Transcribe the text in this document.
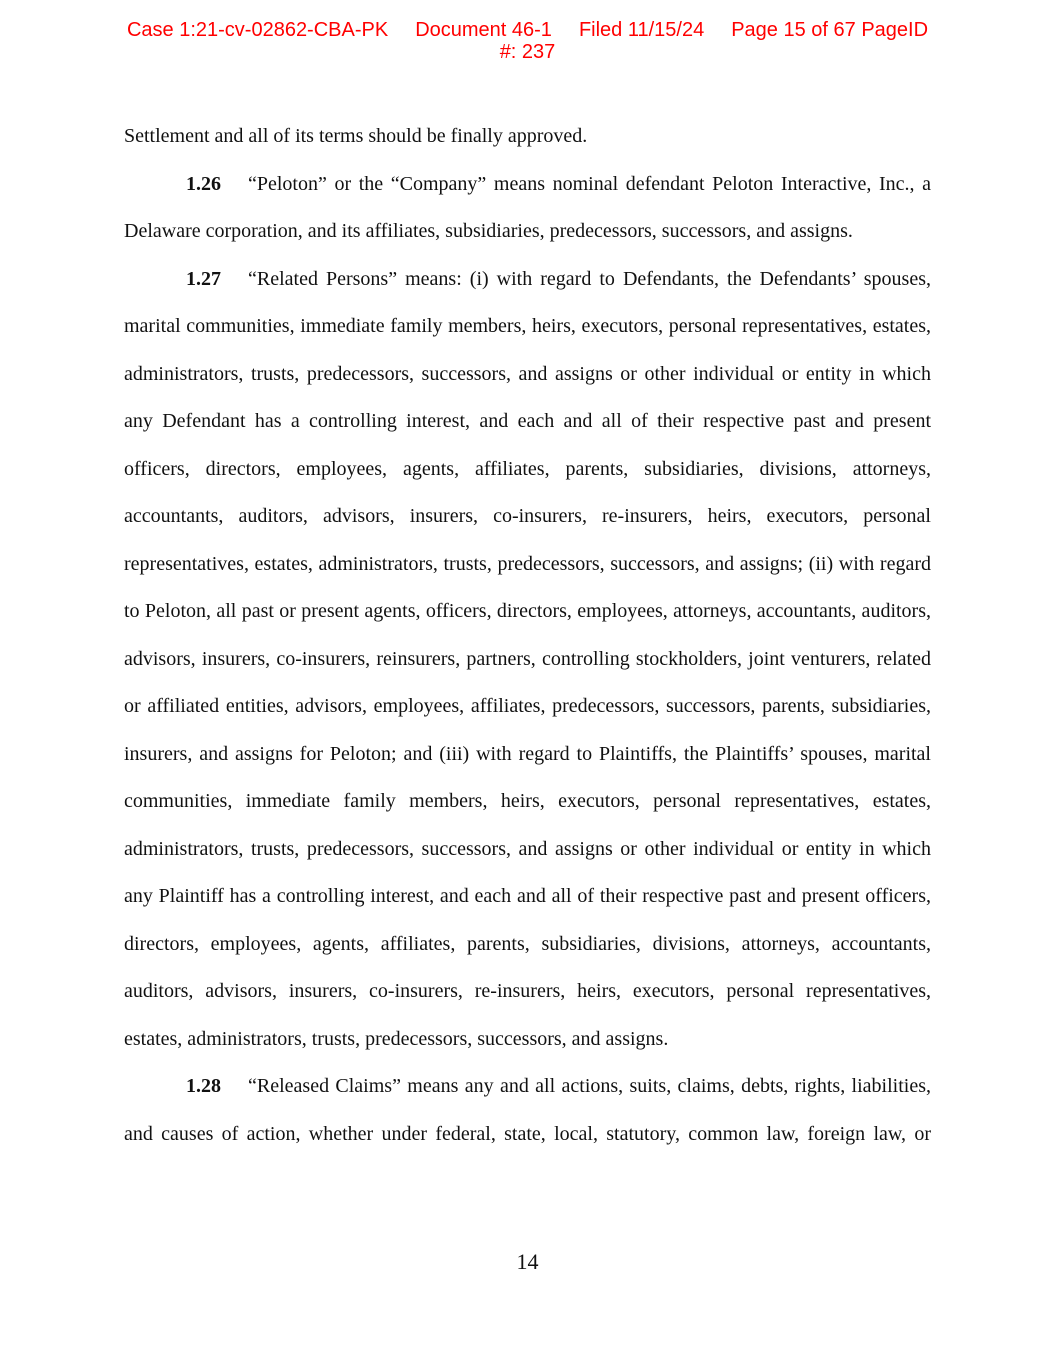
Case 1:21-cv-02862-CBA-PK Document 46-1 Filed 11/15/24 Page 15 of 67 PageID
#: 237

Settlement and all of its terms should be finally approved.

1.26 “Peloton” or the “Company” means nominal defendant Peloton Interactive, Inc., a Delaware corporation, and its affiliates, subsidiaries, predecessors, successors, and assigns.

1.27 “Related Persons” means: (i) with regard to Defendants, the Defendants’ spouses, marital communities, immediate family members, heirs, executors, personal representatives, estates, administrators, trusts, predecessors, successors, and assigns or other individual or entity in which any Defendant has a controlling interest, and each and all of their respective past and present officers, directors, employees, agents, affiliates, parents, subsidiaries, divisions, attorneys, accountants, auditors, advisors, insurers, co-insurers, re-insurers, heirs, executors, personal representatives, estates, administrators, trusts, predecessors, successors, and assigns; (ii) with regard to Peloton, all past or present agents, officers, directors, employees, attorneys, accountants, auditors, advisors, insurers, co-insurers, reinsurers, partners, controlling stockholders, joint venturers, related or affiliated entities, advisors, employees, affiliates, predecessors, successors, parents, subsidiaries, insurers, and assigns for Peloton; and (iii) with regard to Plaintiffs, the Plaintiffs’ spouses, marital communities, immediate family members, heirs, executors, personal representatives, estates, administrators, trusts, predecessors, successors, and assigns or other individual or entity in which any Plaintiff has a controlling interest, and each and all of their respective past and present officers, directors, employees, agents, affiliates, parents, subsidiaries, divisions, attorneys, accountants, auditors, advisors, insurers, co-insurers, re-insurers, heirs, executors, personal representatives, estates, administrators, trusts, predecessors, successors, and assigns.

1.28 “Released Claims” means any and all actions, suits, claims, debts, rights, liabilities, and causes of action, whether under federal, state, local, statutory, common law, foreign law, or

14
